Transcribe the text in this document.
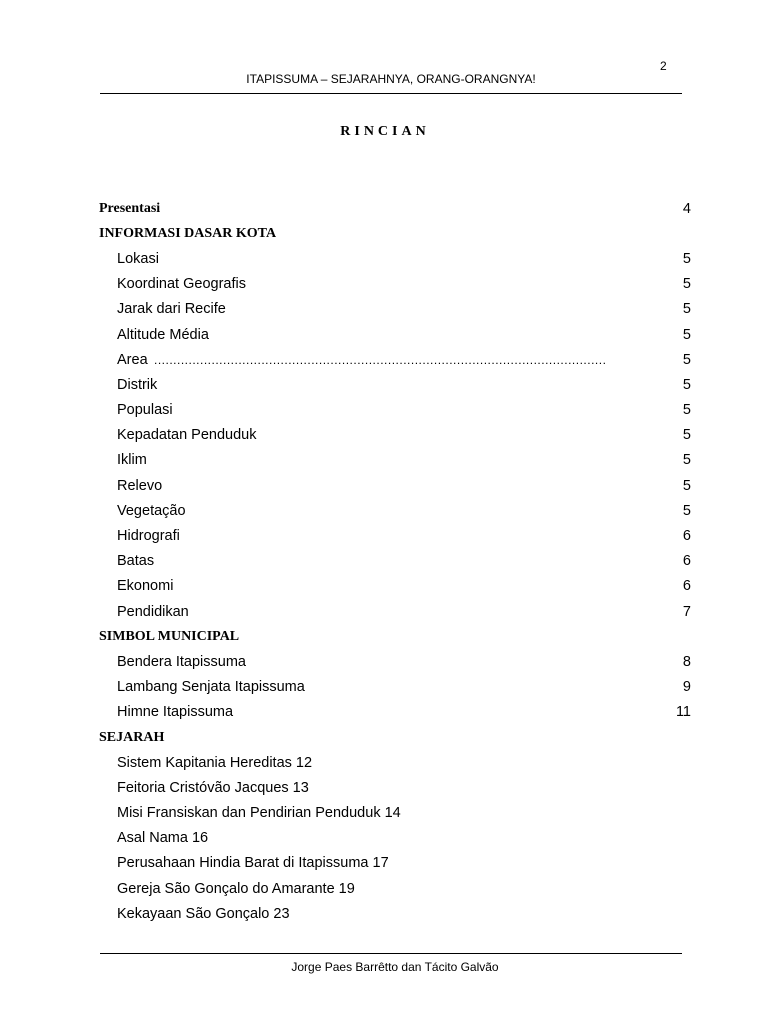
2
ITAPISSUMA – SEJARAHNYA, ORANG-ORANGNYA!
RINCIAN
Presentasi	4
INFORMASI DASAR KOTA
Lokasi	5
Koordinat Geografis	5
Jarak dari Recife	5
Altitude Média	5
Area ......................................................................................................................	5
Distrik	5
Populasi	5
Kepadatan Penduduk	5
Iklim	5
Relevo	5
Vegetação	5
Hidrografi	6
Batas	6
Ekonomi	6
Pendidikan	7
SIMBOL MUNICIPAL
Bendera Itapissuma	8
Lambang Senjata Itapissuma	9
Himne Itapissuma	11
SEJARAH
Sistem Kapitania Hereditas 12
Feitoria Cristóvão Jacques 13
Misi Fransiskan dan Pendirian Penduduk 14
Asal Nama 16
Perusahaan Hindia Barat di Itapissuma 17
Gereja São Gonçalo do Amarante 19
Kekayaan São Gonçalo 23
Jorge Paes Barrêtto dan Tácito Galvão
